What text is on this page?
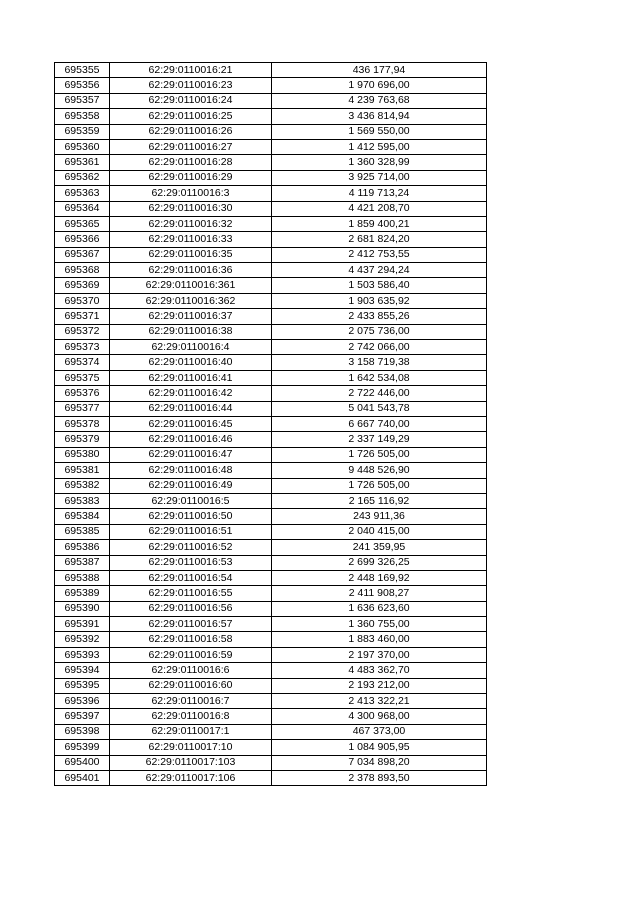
695355	62:29:0110016:21	436 177,94
695356	62:29:0110016:23	1 970 696,00
695357	62:29:0110016:24	4 239 763,68
695358	62:29:0110016:25	3 436 814,94
695359	62:29:0110016:26	1 569 550,00
695360	62:29:0110016:27	1 412 595,00
695361	62:29:0110016:28	1 360 328,99
695362	62:29:0110016:29	3 925 714,00
695363	62:29:0110016:3	4 119 713,24
695364	62:29:0110016:30	4 421 208,70
695365	62:29:0110016:32	1 859 400,21
695366	62:29:0110016:33	2 681 824,20
695367	62:29:0110016:35	2 412 753,55
695368	62:29:0110016:36	4 437 294,24
695369	62:29:0110016:361	1 503 586,40
695370	62:29:0110016:362	1 903 635,92
695371	62:29:0110016:37	2 433 855,26
695372	62:29:0110016:38	2 075 736,00
695373	62:29:0110016:4	2 742 066,00
695374	62:29:0110016:40	3 158 719,38
695375	62:29:0110016:41	1 642 534,08
695376	62:29:0110016:42	2 722 446,00
695377	62:29:0110016:44	5 041 543,78
695378	62:29:0110016:45	6 667 740,00
695379	62:29:0110016:46	2 337 149,29
695380	62:29:0110016:47	1 726 505,00
695381	62:29:0110016:48	9 448 526,90
695382	62:29:0110016:49	1 726 505,00
695383	62:29:0110016:5	2 165 116,92
695384	62:29:0110016:50	243 911,36
695385	62:29:0110016:51	2 040 415,00
695386	62:29:0110016:52	241 359,95
695387	62:29:0110016:53	2 699 326,25
695388	62:29:0110016:54	2 448 169,92
695389	62:29:0110016:55	2 411 908,27
695390	62:29:0110016:56	1 636 623,60
695391	62:29:0110016:57	1 360 755,00
695392	62:29:0110016:58	1 883 460,00
695393	62:29:0110016:59	2 197 370,00
695394	62:29:0110016:6	4 483 362,70
695395	62:29:0110016:60	2 193 212,00
695396	62:29:0110016:7	2 413 322,21
695397	62:29:0110016:8	4 300 968,00
695398	62:29:0110017:1	467 373,00
695399	62:29:0110017:10	1 084 905,95
695400	62:29:0110017:103	7 034 898,20
695401	62:29:0110017:106	2 378 893,50
